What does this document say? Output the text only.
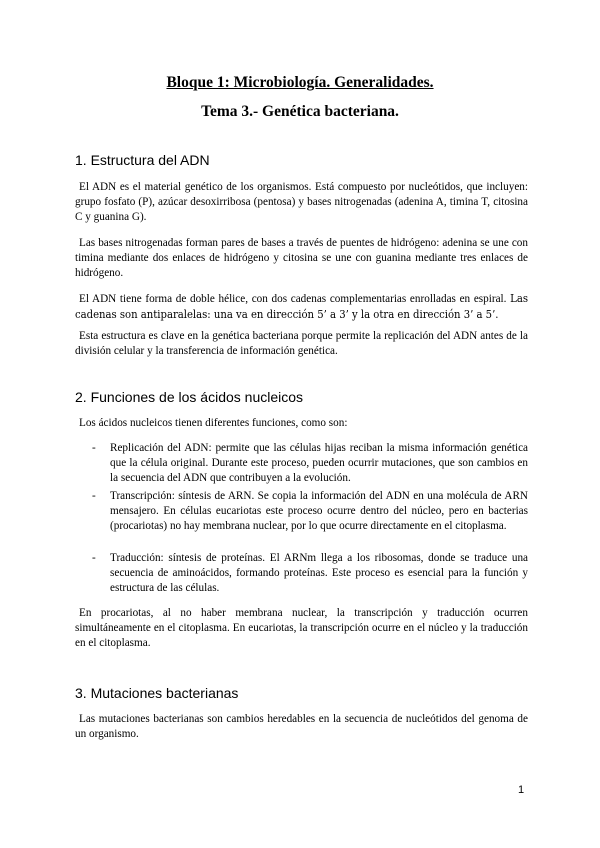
Bloque 1: Microbiología. Generalidades.
Tema 3.- Genética bacteriana.
1. Estructura del ADN
El ADN es el material genético de los organismos. Está compuesto por nucleótidos, que incluyen: grupo fosfato (P), azúcar desoxirribosa (pentosa) y bases nitrogenadas (adenina A, timina T, citosina C y guanina G).
Las bases nitrogenadas forman pares de bases a través de puentes de hidrógeno: adenina se une con timina mediante dos enlaces de hidrógeno y citosina se une con guanina mediante tres enlaces de hidrógeno.
El ADN tiene forma de doble hélice, con dos cadenas complementarias enrolladas en espiral. Las cadenas son antiparalelas: una va en dirección 5’ a 3’ y la otra en dirección 3’ a 5’.
Esta estructura es clave en la genética bacteriana porque permite la replicación del ADN antes de la división celular y la transferencia de información genética.
2. Funciones de los ácidos nucleicos
Los ácidos nucleicos tienen diferentes funciones, como son:
- Replicación del ADN: permite que las células hijas reciban la misma información genética que la célula original. Durante este proceso, pueden ocurrir mutaciones, que son cambios en la secuencia del ADN que contribuyen a la evolución.
- Transcripción: síntesis de ARN. Se copia la información del ADN en una molécula de ARN mensajero. En células eucariotas este proceso ocurre dentro del núcleo, pero en bacterias (procariotas) no hay membrana nuclear, por lo que ocurre directamente en el citoplasma.
- Traducción: síntesis de proteínas. El ARNm llega a los ribosomas, donde se traduce una secuencia de aminoácidos, formando proteínas. Este proceso es esencial para la función y estructura de las células.
En procariotas, al no haber membrana nuclear, la transcripción y traducción ocurren simultáneamente en el citoplasma. En eucariotas, la transcripción ocurre en el núcleo y la traducción en el citoplasma.
3. Mutaciones bacterianas
Las mutaciones bacterianas son cambios heredables en la secuencia de nucleótidos del genoma de un organismo.
1
